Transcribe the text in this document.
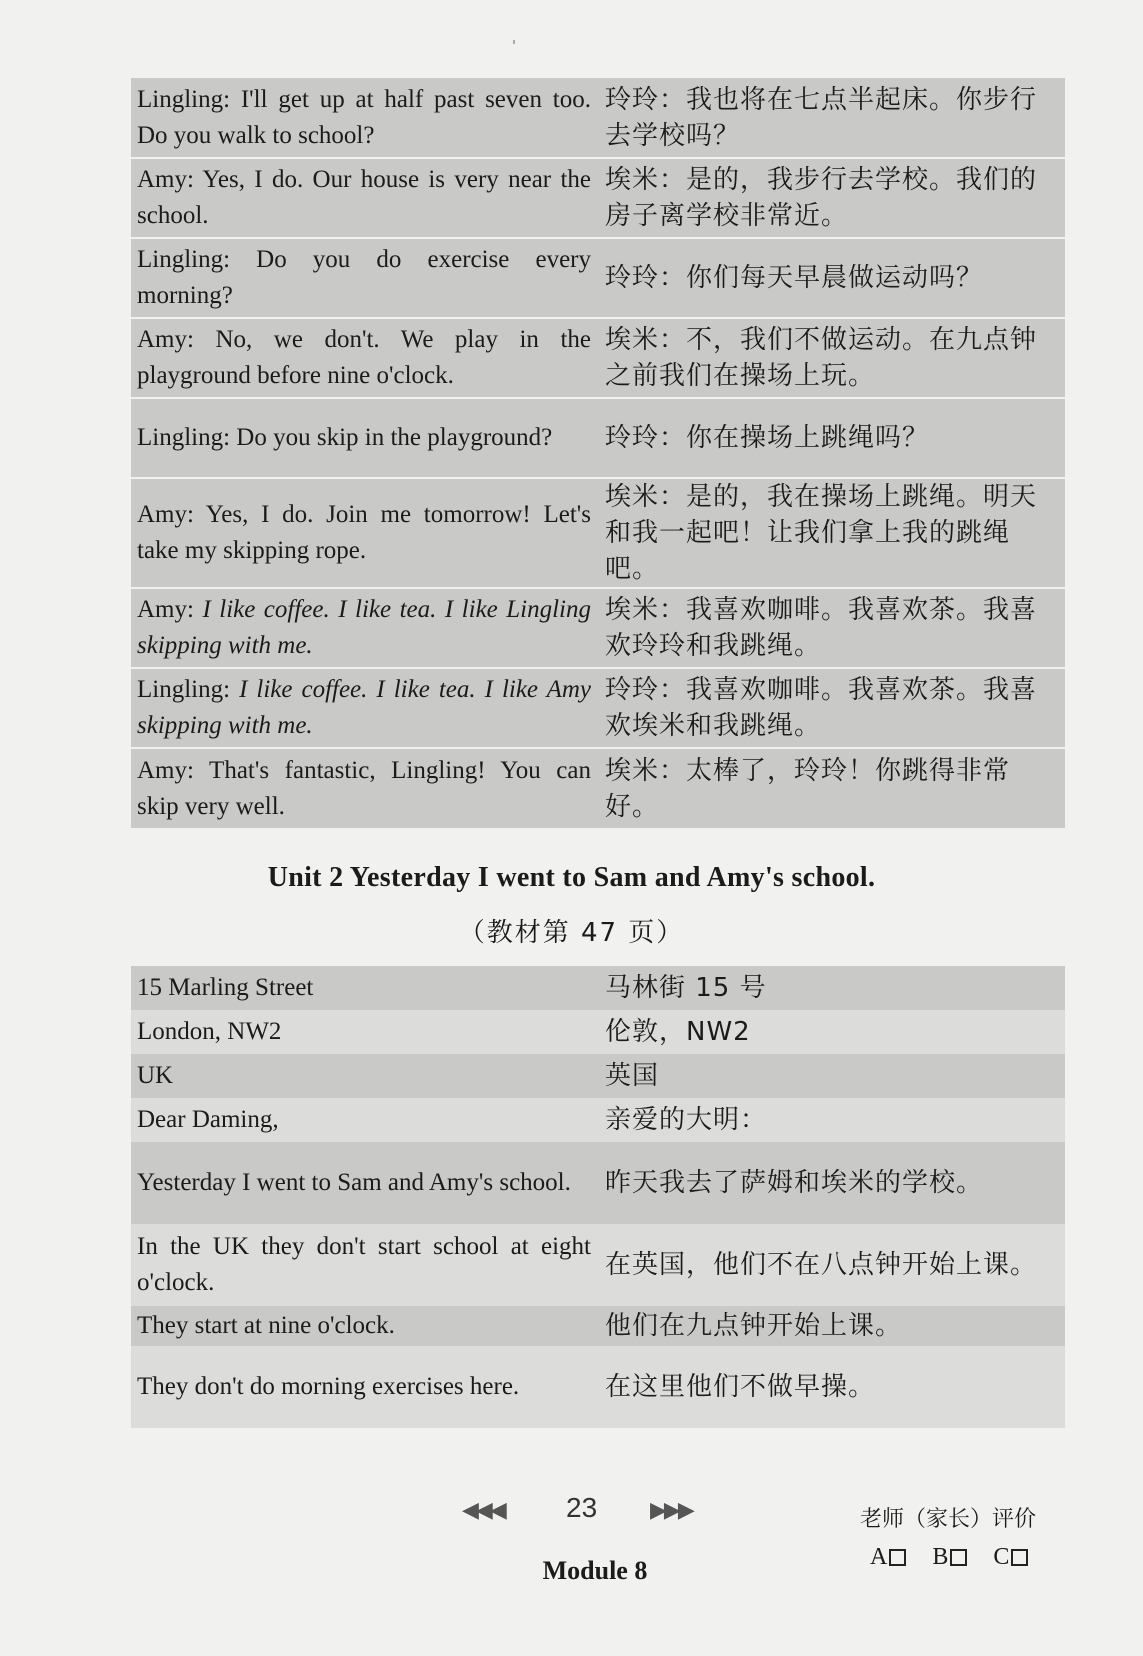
Lingling: I'll get up at half past seven too. Do you walk to school?	玲玲：我也将在七点半起床。你步行去学校吗？
Amy: Yes, I do. Our house is very near the school.	埃米：是的，我步行去学校。我们的房子离学校非常近。
Lingling: Do you do exercise every morning?	玲玲：你们每天早晨做运动吗？
Amy: No, we don't. We play in the playground before nine o'clock.	埃米：不，我们不做运动。在九点钟之前我们在操场上玩。
Lingling: Do you skip in the playground?	玲玲：你在操场上跳绳吗？
Amy: Yes, I do. Join me tomorrow! Let's take my skipping rope.	埃米：是的，我在操场上跳绳。明天和我一起吧！让我们拿上我的跳绳吧。
Amy: I like coffee. I like tea. I like Lingling skipping with me.	埃米：我喜欢咖啡。我喜欢茶。我喜欢玲玲和我跳绳。
Lingling: I like coffee. I like tea. I like Amy skipping with me.	玲玲：我喜欢咖啡。我喜欢茶。我喜欢埃米和我跳绳。
Amy: That's fantastic, Lingling! You can skip very well.	埃米：太棒了，玲玲！你跳得非常好。
Unit 2 Yesterday I went to Sam and Amy's school.
（教材第 47 页）
15 Marling Street	马林街 15 号
London, NW2	伦敦，NW2
UK	英国
Dear Daming,	亲爱的大明：
Yesterday I went to Sam and Amy's school.	昨天我去了萨姆和埃米的学校。
In the UK they don't start school at eight o'clock.	在英国，他们不在八点钟开始上课。
They start at nine o'clock.	他们在九点钟开始上课。
They don't do morning exercises here.	在这里他们不做早操。
◀◀◀ 23 ▶▶▶
Module 8
老师（家长）评价
A B C
